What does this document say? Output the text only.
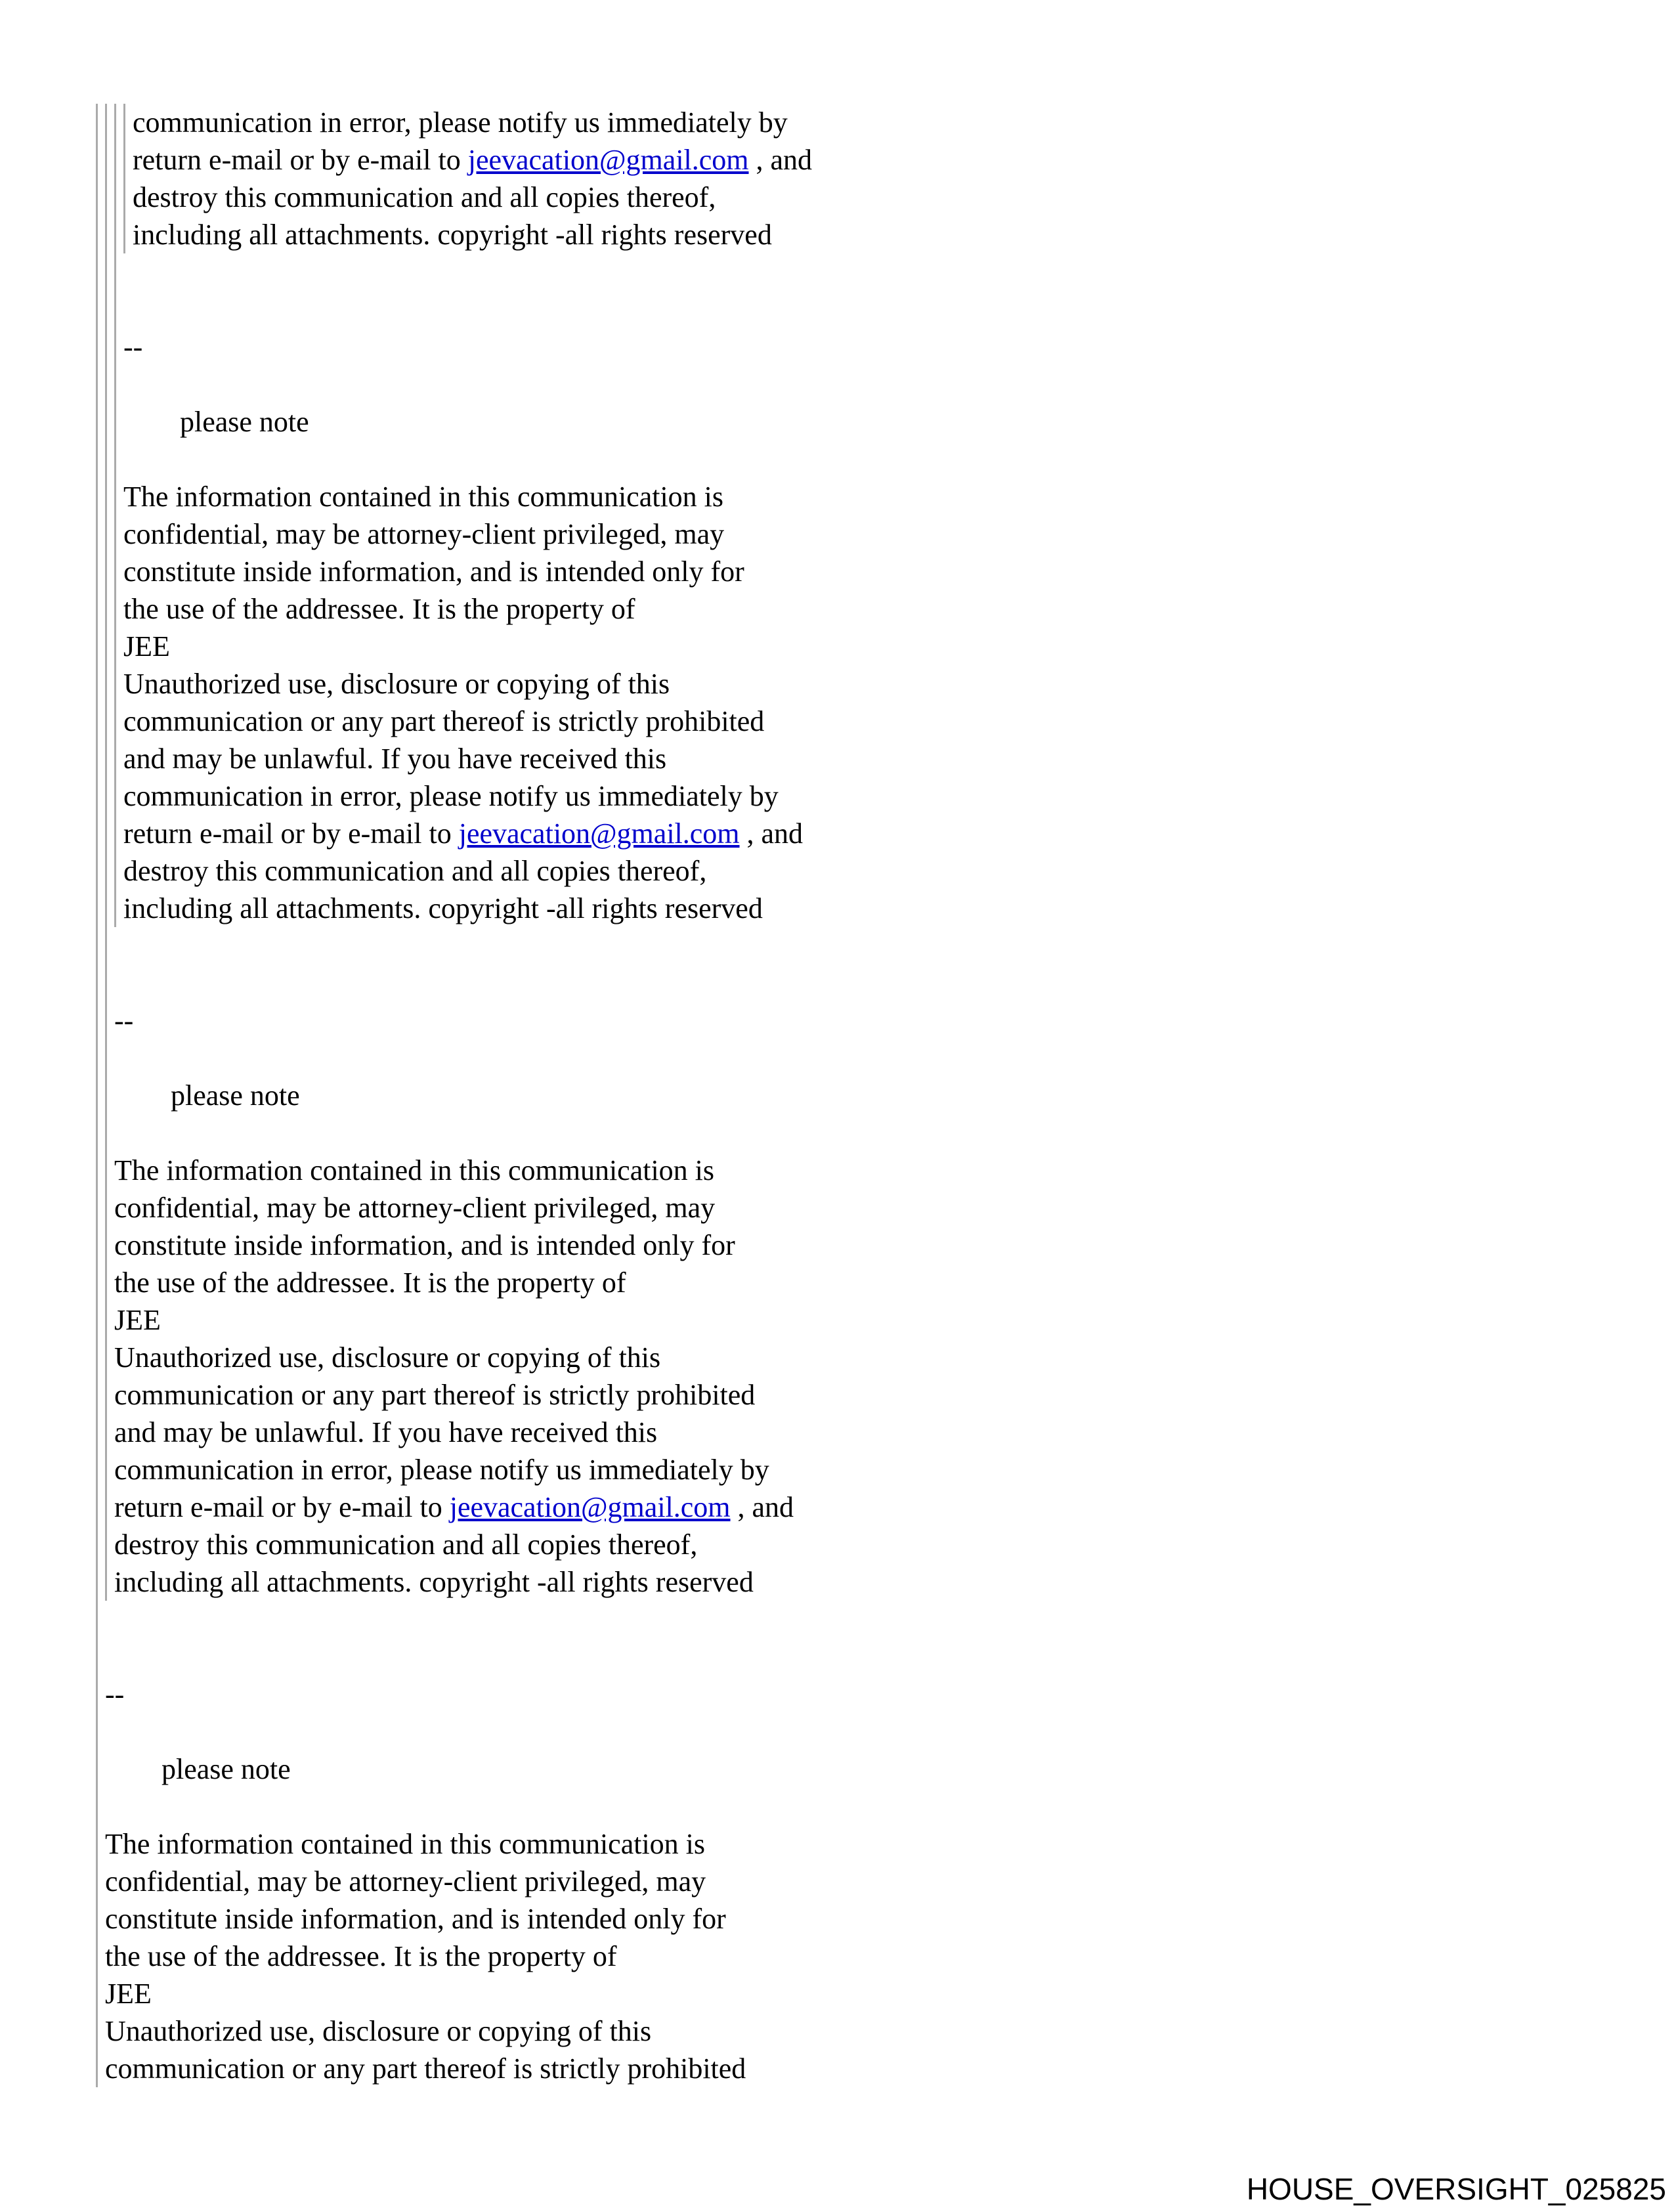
communication in error, please notify us immediately by
return e-mail or by e-mail to jeevacation@gmail.com , and
destroy this communication and all copies thereof,
including all attachments. copyright -all rights reserved
--
please note
The information contained in this communication is
confidential, may be attorney-client privileged, may
constitute inside information, and is intended only for
the use of the addressee. It is the property of
JEE
Unauthorized use, disclosure or copying of this
communication or any part thereof is strictly prohibited
and may be unlawful. If you have received this
communication in error, please notify us immediately by
return e-mail or by e-mail to jeevacation@gmail.com , and
destroy this communication and all copies thereof,
including all attachments. copyright -all rights reserved
--
please note
The information contained in this communication is
confidential, may be attorney-client privileged, may
constitute inside information, and is intended only for
the use of the addressee. It is the property of
JEE
Unauthorized use, disclosure or copying of this
communication or any part thereof is strictly prohibited
and may be unlawful. If you have received this
communication in error, please notify us immediately by
return e-mail or by e-mail to jeevacation@gmail.com , and
destroy this communication and all copies thereof,
including all attachments. copyright -all rights reserved
--
please note
The information contained in this communication is
confidential, may be attorney-client privileged, may
constitute inside information, and is intended only for
the use of the addressee. It is the property of
JEE
Unauthorized use, disclosure or copying of this
communication or any part thereof is strictly prohibited
HOUSE_OVERSIGHT_025825
